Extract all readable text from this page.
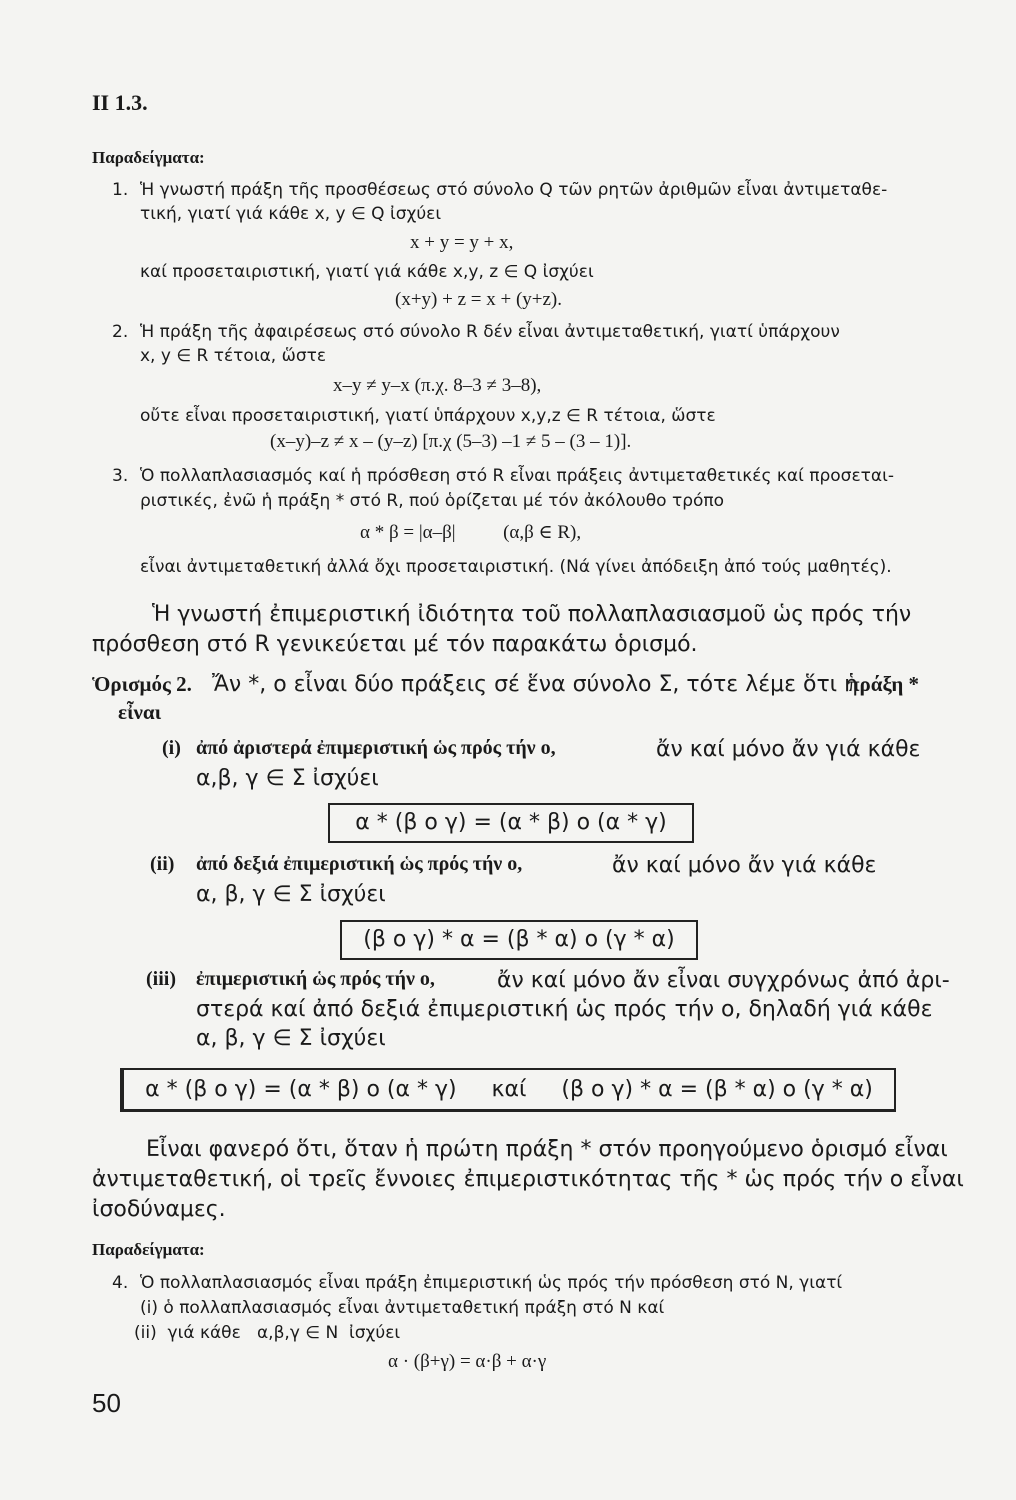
II 1.3.
Παραδείγματα:
1. Ἡ γνωστή πράξη τῆς προσθέσεως στό σύνολο Q τῶν ρητῶν ἀριθμῶν εἶναι ἀντιμεταθε-
τική, γιατί γιά κάθε x, y ∈ Q ἰσχύει
x + y = y + x,
καί προσεταιριστική, γιατί γιά κάθε x,y, z ∈ Q ἰσχύει
(x+y) + z = x + (y+z).
2. Ἡ πράξη τῆς ἀφαιρέσεως στό σύνολο R δέν εἶναι ἀντιμεταθετική, γιατί ὑπάρχουν
x, y ∈ R τέτοια, ὥστε
x–y ≠ y–x (π.χ. 8–3 ≠ 3–8),
οὔτε εἶναι προσεταιριστική, γιατί ὑπάρχουν x,y,z ∈ R τέτοια, ὥστε
(x–y)–z ≠ x – (y–z) [π.χ (5–3) –1 ≠ 5 – (3 – 1)].
3. Ὁ πολλαπλασιασμός καί ἡ πρόσθεση στό R εἶναι πράξεις ἀντιμεταθετικές καί προσεται-
ριστικές, ἐνῶ ἡ πράξη * στό R, πού ὁρίζεται μέ τόν ἀκόλουθο τρόπο
α * β = |α–β|          (α,β ∈ R),
εἶναι ἀντιμεταθετική ἀλλά ὄχι προσεταιριστική. (Νά γίνει ἀπόδειξη ἀπό τούς μαθητές).
Ἡ γνωστή ἐπιμεριστική ἰδιότητα τοῦ πολλαπλασιασμοῦ ὡς πρός τήν
πρόσθεση στό R γενικεύεται μέ τόν παρακάτω ὁρισμό.
Ὁρισμός 2. Ἄν *, ο εἶναι δύο πράξεις σέ ἕνα σύνολο Σ, τότε λέμε ὅτι ἡ
πράξη *
εἶναι
(i) ἀπό ἀριστερά ἐπιμεριστική ὡς πρός τήν ο,	ἄν καί μόνο ἄν γιά κάθε
α,β, γ ∈ Σ ἰσχύει
α * (β ο γ) = (α * β) ο (α * γ)
(ii) ἀπό δεξιά ἐπιμεριστική ὡς πρός τήν ο,	ἄν καί μόνο ἄν γιά κάθε
α, β, γ ∈ Σ ἰσχύει
(β ο γ) * α = (β * α) ο (γ * α)
(iii) ἐπιμεριστική ὡς πρός τήν ο,	ἄν καί μόνο ἄν εἶναι συγχρόνως ἀπό ἀρι-
στερά καί ἀπό δεξιά ἐπιμεριστική ὡς πρός τήν ο, δηλαδή γιά κάθε
α, β, γ ∈ Σ ἰσχύει
α * (β ο γ) = (α * β) ο (α * γ)     καί     (β ο γ) * α = (β * α) ο (γ * α)
Εἶναι φανερό ὅτι, ὅταν ἡ πρώτη πράξη * στόν προηγούμενο ὁρισμό εἶναι
ἀντιμεταθετική, οἱ τρεῖς ἔννοιες ἐπιμεριστικότητας τῆς * ὡς πρός τήν ο εἶναι
ἰσοδύναμες.
Παραδείγματα:
4. Ὁ πολλαπλασιασμός εἶναι πράξη ἐπιμεριστική ὡς πρός τήν πρόσθεση στό N, γιατί
(i) ὁ πολλαπλασιασμός εἶναι ἀντιμεταθετική πράξη στό N καί
(ii)  γιά κάθε   α,β,γ ∈ N  ἰσχύει
α · (β+γ) = α·β + α·γ
50
